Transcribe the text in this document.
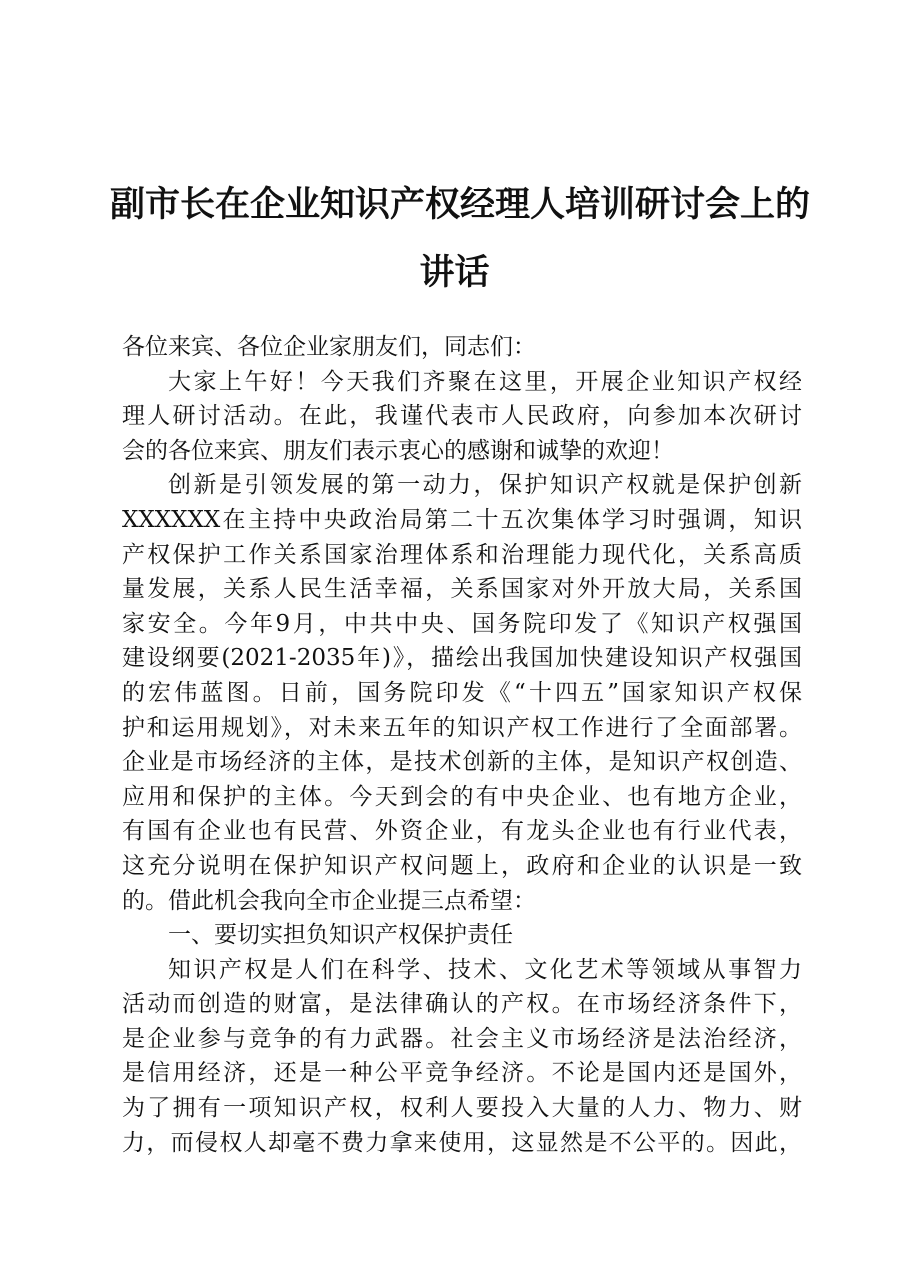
副市长在企业知识产权经理人培训研讨会上的
讲话
各位来宾、各位企业家朋友们，同志们：
大家上午好！今天我们齐聚在这里，开展企业知识产权经
理人研讨活动。在此，我谨代表市人民政府，向参加本次研讨
会的各位来宾、朋友们表示衷心的感谢和诚挚的欢迎！
创新是引领发展的第一动力，保护知识产权就是保护创新
XXXXXX在主持中央政治局第二十五次集体学习时强调，知识
产权保护工作关系国家治理体系和治理能力现代化，关系高质
量发展，关系人民生活幸福，关系国家对外开放大局，关系国
家安全。今年9月，中共中央、国务院印发了《知识产权强国
建设纲要(2021-2035年)》，描绘出我国加快建设知识产权强国
的宏伟蓝图。日前，国务院印发《“十四五”国家知识产权保
护和运用规划》，对未来五年的知识产权工作进行了全面部署。
企业是市场经济的主体，是技术创新的主体，是知识产权创造、
应用和保护的主体。今天到会的有中央企业、也有地方企业，
有国有企业也有民营、外资企业，有龙头企业也有行业代表，
这充分说明在保护知识产权问题上，政府和企业的认识是一致
的。借此机会我向全市企业提三点希望：
一、要切实担负知识产权保护责任
知识产权是人们在科学、技术、文化艺术等领域从事智力
活动而创造的财富，是法律确认的产权。在市场经济条件下，
是企业参与竞争的有力武器。社会主义市场经济是法治经济，
是信用经济，还是一种公平竞争经济。不论是国内还是国外，
为了拥有一项知识产权，权利人要投入大量的人力、物力、财
力，而侵权人却毫不费力拿来使用，这显然是不公平的。因此，
